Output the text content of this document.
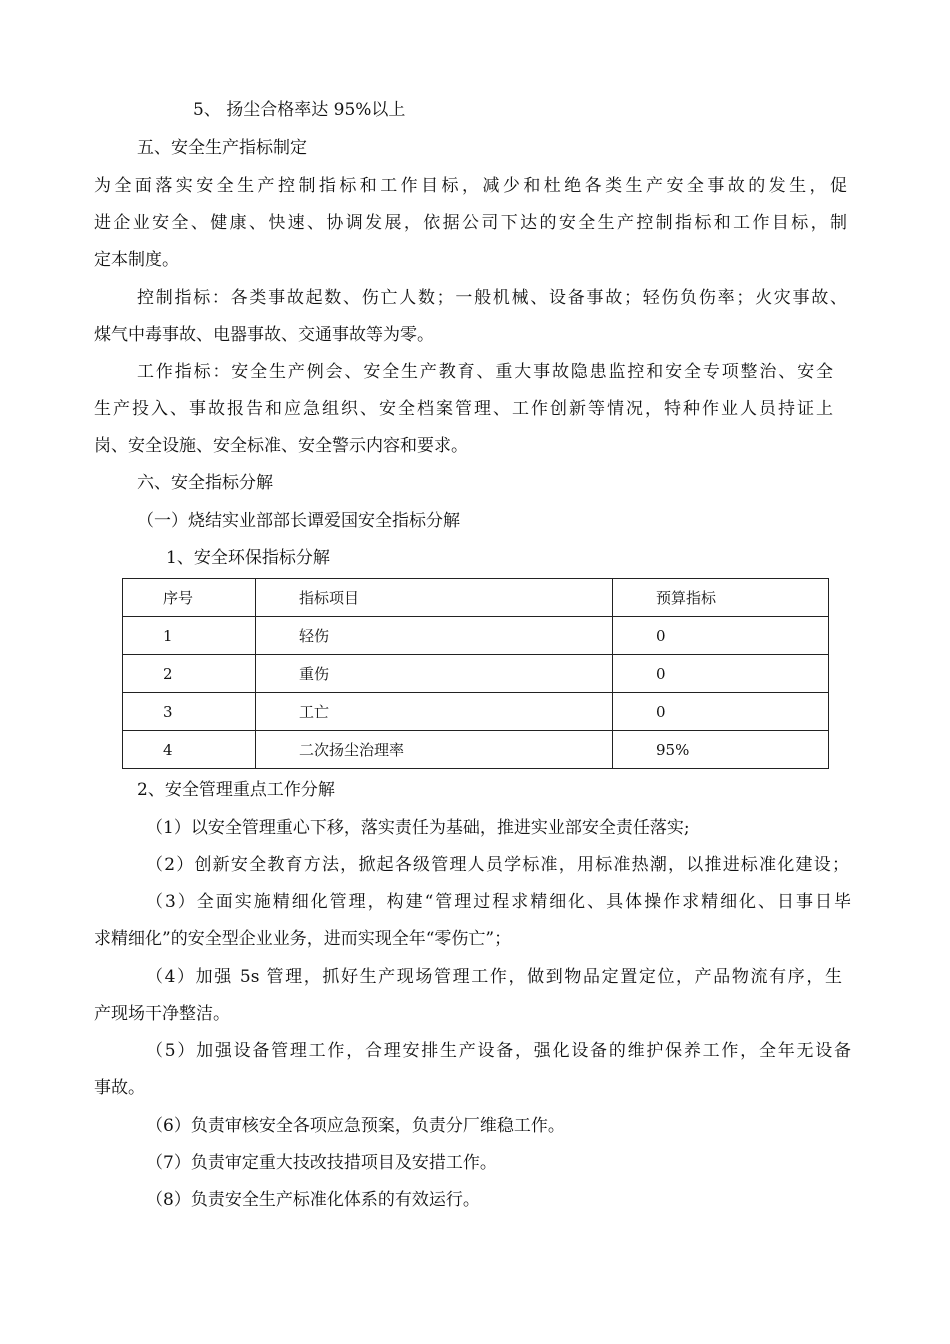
5、 扬尘合格率达 95%以上
五、安全生产指标制定
为全面落实安全生产控制指标和工作目标，减少和杜绝各类生产安全事故的发生，促
进企业安全、健康、快速、协调发展，依据公司下达的安全生产控制指标和工作目标，制
定本制度。
控制指标：各类事故起数、伤亡人数；一般机械、设备事故；轻伤负伤率；火灾事故、
煤气中毒事故、电器事故、交通事故等为零。
工作指标：安全生产例会、安全生产教育、重大事故隐患监控和安全专项整治、安全
生产投入、事故报告和应急组织、安全档案管理、工作创新等情况，特种作业人员持证上
岗、安全设施、安全标准、安全警示内容和要求。
六、安全指标分解
（一）烧结实业部部长谭爱国安全指标分解
1、安全环保指标分解
序号	指标项目	预算指标
1	轻伤	0
2	重伤	0
3	工亡	0
4	二次扬尘治理率	95%
2、安全管理重点工作分解
（1）以安全管理重心下移，落实责任为基础，推进实业部安全责任落实;
（2）创新安全教育方法，掀起各级管理人员学标准，用标准热潮，以推进标准化建设；
（3）全面实施精细化管理，构建“管理过程求精细化、具体操作求精细化、日事日毕
求精细化”的安全型企业业务，进而实现全年“零伤亡”；
（4）加强 5s 管理，抓好生产现场管理工作，做到物品定置定位，产品物流有序，生
产现场干净整洁。
（5）加强设备管理工作，合理安排生产设备，强化设备的维护保养工作，全年无设备
事故。
（6）负责审核安全各项应急预案，负责分厂维稳工作。
（7）负责审定重大技改技措项目及安措工作。
（8）负责安全生产标准化体系的有效运行。
